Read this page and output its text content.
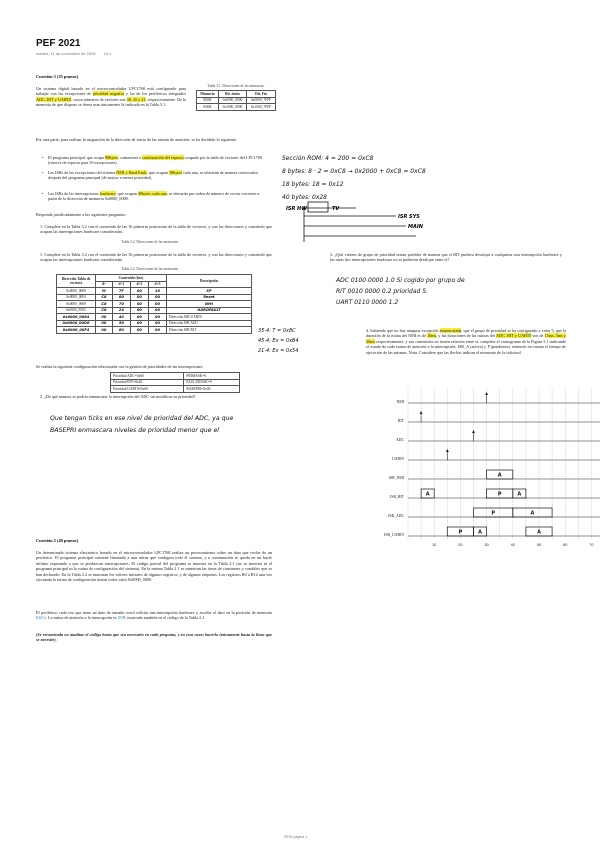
PEF 2021
martes, 11 de noviembre de 2025 10:1
Cuestión 3 (35 puntos)
Un sistema digital basado en el microcontrolador LPC1768 está configurado para trabajar con las excepciones de prioridad negativa y las de los periféricos integrados ADC, RIT y UART0, cuyos números de vectores son 38, 45 y 21, respectivamente. De la memoria de que dispone se desea usar únicamente la indicada en la Tabla 3.1.
Tabla 3.1. Direcciones de las memorias.
Memoria	Dir. inicio	Dir. Fin
ROM	0x0000_0000	0x0000_7FFF
RAM	0x1000_0000	0x1000_7FFF
Por otra parte, para realizar la asignación de la dirección de inicio de las rutinas de atención, se ha decidido lo siguiente:
• El programa principal, que ocupa 80bytes, comenzará a continuación del espacio ocupado por la tabla de vectores del LPC1768 (reserva de espacio para 50 excepciones).
• Las ISRs de las excepciones del sistema NMI y Hard Fault, que ocupan 18bytes cada una, se ubicarán de manera consecutiva después del programa principal (de mayor a menor prioridad).
• Las ISRs de las interrupciones hardware, que ocupan 40bytes cada una, se ubicarán por orden de número de vector creciente a partir de la dirección de memoria 0x0000_0000.
Responda justificadamente a las siguientes preguntas:
1. Complete en la Tabla 3.2 con el contenido de las 16 primeras posiciones de la tabla de vectores, y con las direcciones y contenido que ocupan las interrupciones hardware consideradas.
Tabla 3.2. Direcciones de las memorias.
1. Complete en la Tabla 3.2 con el contenido de las 16 primeras posiciones de la tabla de vectores, y con las direcciones y contenido que ocupan las interrupciones hardware consideradas.
Tabla 3.2. Direcciones de las memorias.
Dirección Tabla de vectores	Contenido (hex)				Descripción
	d+	d+1	d+2	d+3	
0x0000_0000	M	7F	00	10	SP
0x0000_0004	C8	00	00	00	Reset
0x0000_0008	C8	70	00	00	NMI
0x0000_000C	C8	24	00	00	HARDFAULT
0x0000_0084	00	40	00	00	Dirección ISR UART0
0x0000_00D8	00	50	00	00	Dirección ISR ADC
0x0000_00F4	00	60	00	00	Dirección ISR RIT
Se realiza la siguiente configuración relacionada con la gestión de prioridades de las interrupciones:
Prioridad ADC=0x60	PRIMASK=0
Prioridad RIT=0x20	FAULTMASK=0
Prioridad UART0=0x60	BASEPRI=0x00
2. ¿De qué manera se podría enmascarar la interrupción del ADC sin modificar su prioridad?
Que tengan ticks en ese nivel de prioridad del ADC, ya que
BASEPRI enmascara niveles de prioridad menor que el
Sección ROM: 4 = 200 = 0xC8
8 bytes: 8 · 2 = 0xC8 → 0x2000 + 0xC8 = 0xC8
18 bytes: 18 = 0x12
40 bytes: 0x28
ISR HW
ISR SYS
MAIN
TV
35·4: T = 0x8C
45·4: Ex = 0xB4
21·4: Ex = 0x54
3. ¿Qué valores de grupo de prioridad serían posibles de manera que el RIT pudiera desalojar a cualquiera otra interrupción hardware y las otras dos interrupciones hardware no se pudieran desalojar entre sí?
ADC 0100 0000 1.0 Si cogido por grupo de
RIT 0010 0000 0.2 prioridad 5.
UART 0110 0000 1.2
4. Sabiendo que no hay ninguna excepción enmascarada, que el grupo de prioridad se ha configurado a valor 5, que la duración de la rutina del NMI es de 10ms, y las duraciones de las rutinas del ADC, RIT y UART0 son de 15ms, 5ms y 20ms respectivamente, y sus contenidos no tienen relación entre sí, complete el cronograma de la Figura 3.1 indicando el estado de cada rutina de atención a la interrupción, ISR_A (activa) y P (pendiente), teniendo en cuenta el tiempo de ejecución de las mismas. Nota: Considere que las flechas indican el momento de la solicitud.
NMI
RIT
ADC
UART0
ISR_NMI
ISR_RIT
ISR_ADC
ISR_UART0
A
A	P	A
P	A
P	A	A
10	20	30	40	50	60	70
Cuestión 2 (40 puntos)
Un determinado sistema electrónico basado en el microcontrolador LPC1768 realiza un procesamiento sobre un dato que recibe de un periférico. El programa principal contiene llamando a una rutina que configura todo el sistema, y a continuación se queda en un bucle infinito esperando a que se produzcan interrupciones. El código parcial del programa se muestra en la Tabla 2.1 (no se muestra ni el programa principal ni la rutina de configuración del sistema). En la misma Tabla 2.1 se muestran las áreas de constantes y variables que se han declarado. En la Tabla 2.2 se muestran los valores iniciales de algunos registros, y de algunas etiquetas. Los registros R0 a R12 una vez ejecutada la rutina de configuración tienen todos valor 0x0000_0000.
El periférico cada vez que tiene un dato de tamaño word solicita una interrupción hardware y escribe el dato en la posición de memoria Dato. La rutina de atención a la interrupción es ISR, mostrada también en el código de la Tabla 2.1.
(Se recomienda no analizar el código hasta que sea necesario en cada pregunta, y en esos casos hacerlo únicamente hasta la línea que se necesite).
SEID página 1
